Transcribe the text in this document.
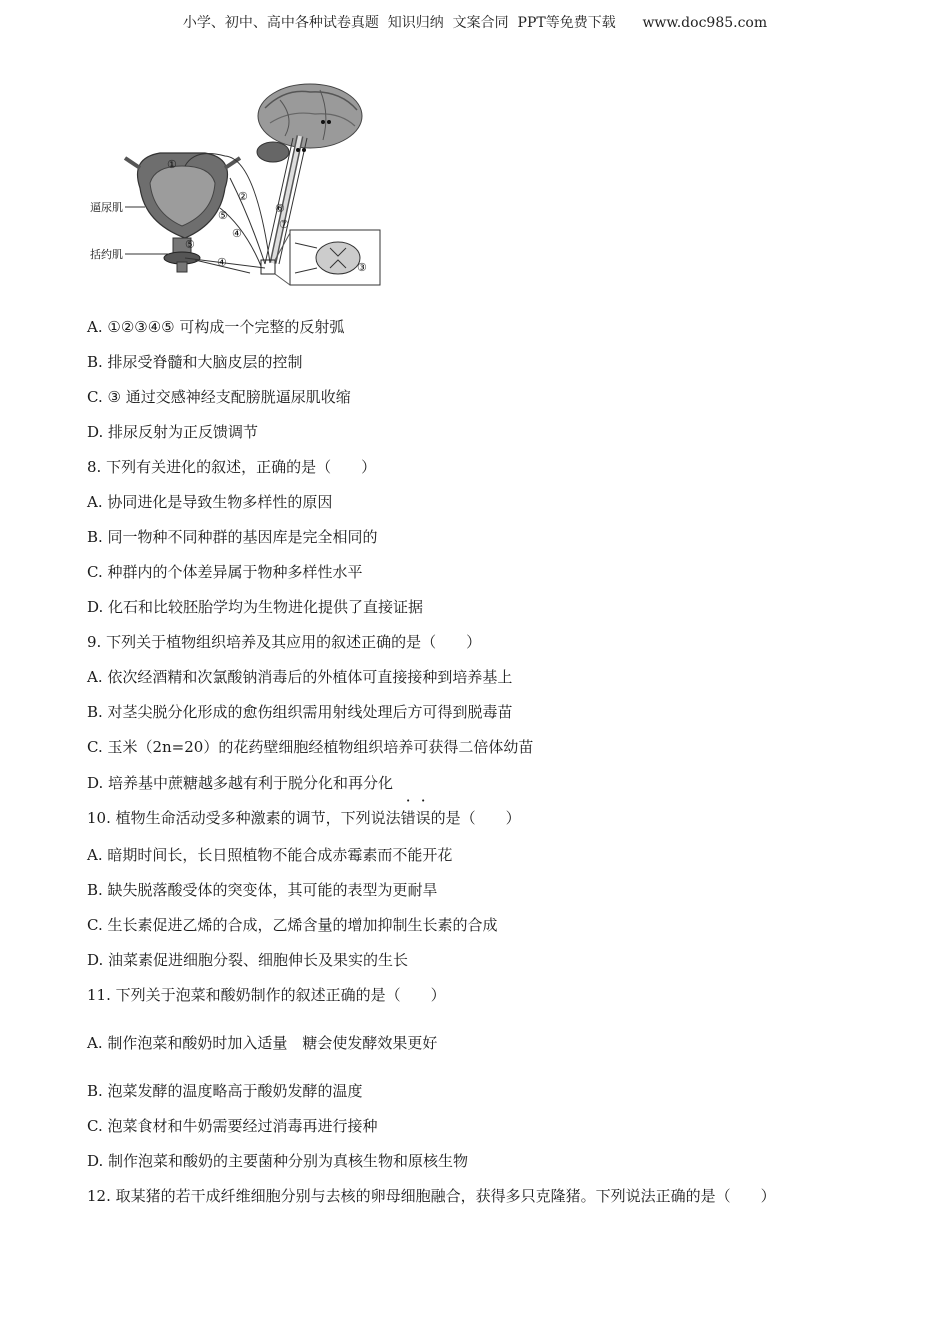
小学、初中、高中各种试卷真题  知识归纳  文案合同  PPT等免费下载      www.doc985.com
逼尿肌
括约肌
①
②
③
④
④
⑤
⑤
⑥
⑦
A. ①②③④⑤ 可构成一个完整的反射弧
B. 排尿受脊髓和大脑皮层的控制
C. ③ 通过交感神经支配膀胱逼尿肌收缩
D. 排尿反射为正反馈调节
8. 下列有关进化的叙述，正确的是（　　）
A. 协同进化是导致生物多样性的原因
B. 同一物种不同种群的基因库是完全相同的
C. 种群内的个体差异属于物种多样性水平
D. 化石和比较胚胎学均为生物进化提供了直接证据
9. 下列关于植物组织培养及其应用的叙述正确的是（　　）
A. 依次经酒精和次氯酸钠消毒后的外植体可直接接种到培养基上
B. 对茎尖脱分化形成的愈伤组织需用射线处理后方可得到脱毒苗
C. 玉米（2n=20）的花药壁细胞经植物组织培养可获得二倍体幼苗
D. 培养基中蔗糖越多越有利于脱分化和再分化
10. 植物生命活动受多种激素的调节，下列说法错误的是（　　）
A. 暗期时间长，长日照植物不能合成赤霉素而不能开花
B. 缺失脱落酸受体的突变体，其可能的表型为更耐旱
C. 生长素促进乙烯的合成，乙烯含量的增加抑制生长素的合成
D. 油菜素促进细胞分裂、细胞伸长及果实的生长
11. 下列关于泡菜和酸奶制作的叙述正确的是（　　）
A. 制作泡菜和酸奶时加入适量　糖会使发酵效果更好
B. 泡菜发酵的温度略高于酸奶发酵的温度
C. 泡菜食材和牛奶需要经过消毒再进行接种
D. 制作泡菜和酸奶的主要菌种分别为真核生物和原核生物
12. 取某猪的若干成纤维细胞分别与去核的卵母细胞融合，获得多只克隆猪。下列说法正确的是（　　）
